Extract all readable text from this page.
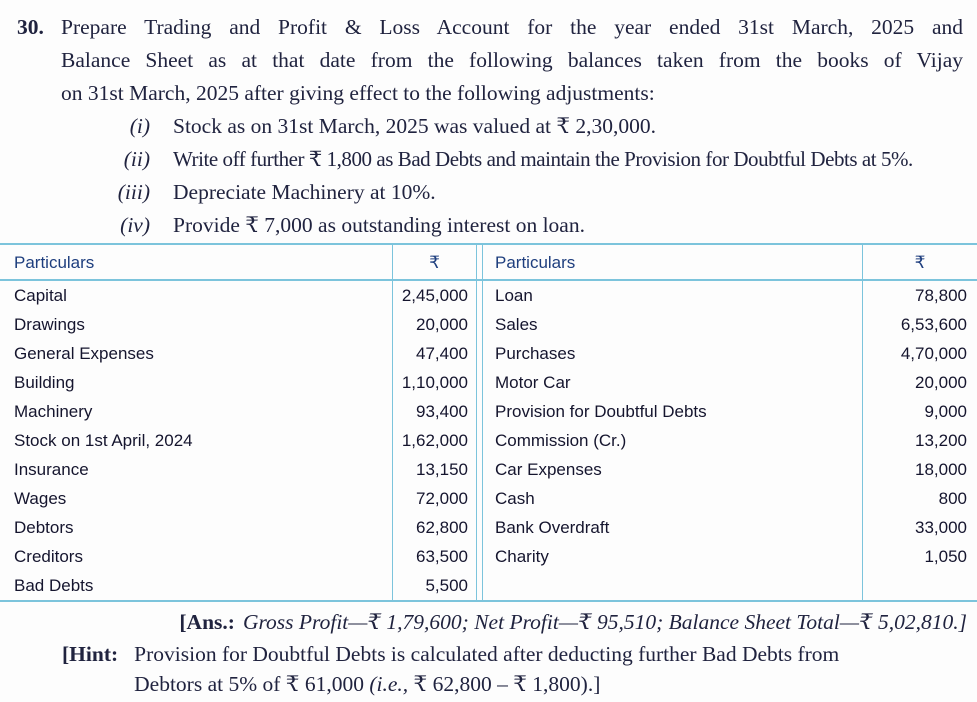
30. Prepare Trading and Profit & Loss Account for the year ended 31st March, 2025 and
Balance Sheet as at that date from the following balances taken from the books of Vijay
on 31st March, 2025 after giving effect to the following adjustments:
(i) Stock as on 31st March, 2025 was valued at ₹ 2,30,000.
(ii) Write off further ₹ 1,800 as Bad Debts and maintain the Provision for Doubtful Debts at 5%.
(iii) Depreciate Machinery at 10%.
(iv) Provide ₹ 7,000 as outstanding interest on loan.
Particulars	₹	Particulars	₹
Capital	2,45,000	Loan	78,800
Drawings	20,000	Sales	6,53,600
General Expenses	47,400	Purchases	4,70,000
Building	1,10,000	Motor Car	20,000
Machinery	93,400	Provision for Doubtful Debts	9,000
Stock on 1st April, 2024	1,62,000	Commission (Cr.)	13,200
Insurance	13,150	Car Expenses	18,000
Wages	72,000	Cash	800
Debtors	62,800	Bank Overdraft	33,000
Creditors	63,500	Charity	1,050
Bad Debts	5,500
[Ans.: Gross Profit—₹ 1,79,600; Net Profit—₹ 95,510; Balance Sheet Total—₹ 5,02,810.]
[Hint: Provision for Doubtful Debts is calculated after deducting further Bad Debts from
Debtors at 5% of ₹ 61,000 (i.e., ₹ 62,800 – ₹ 1,800).]
